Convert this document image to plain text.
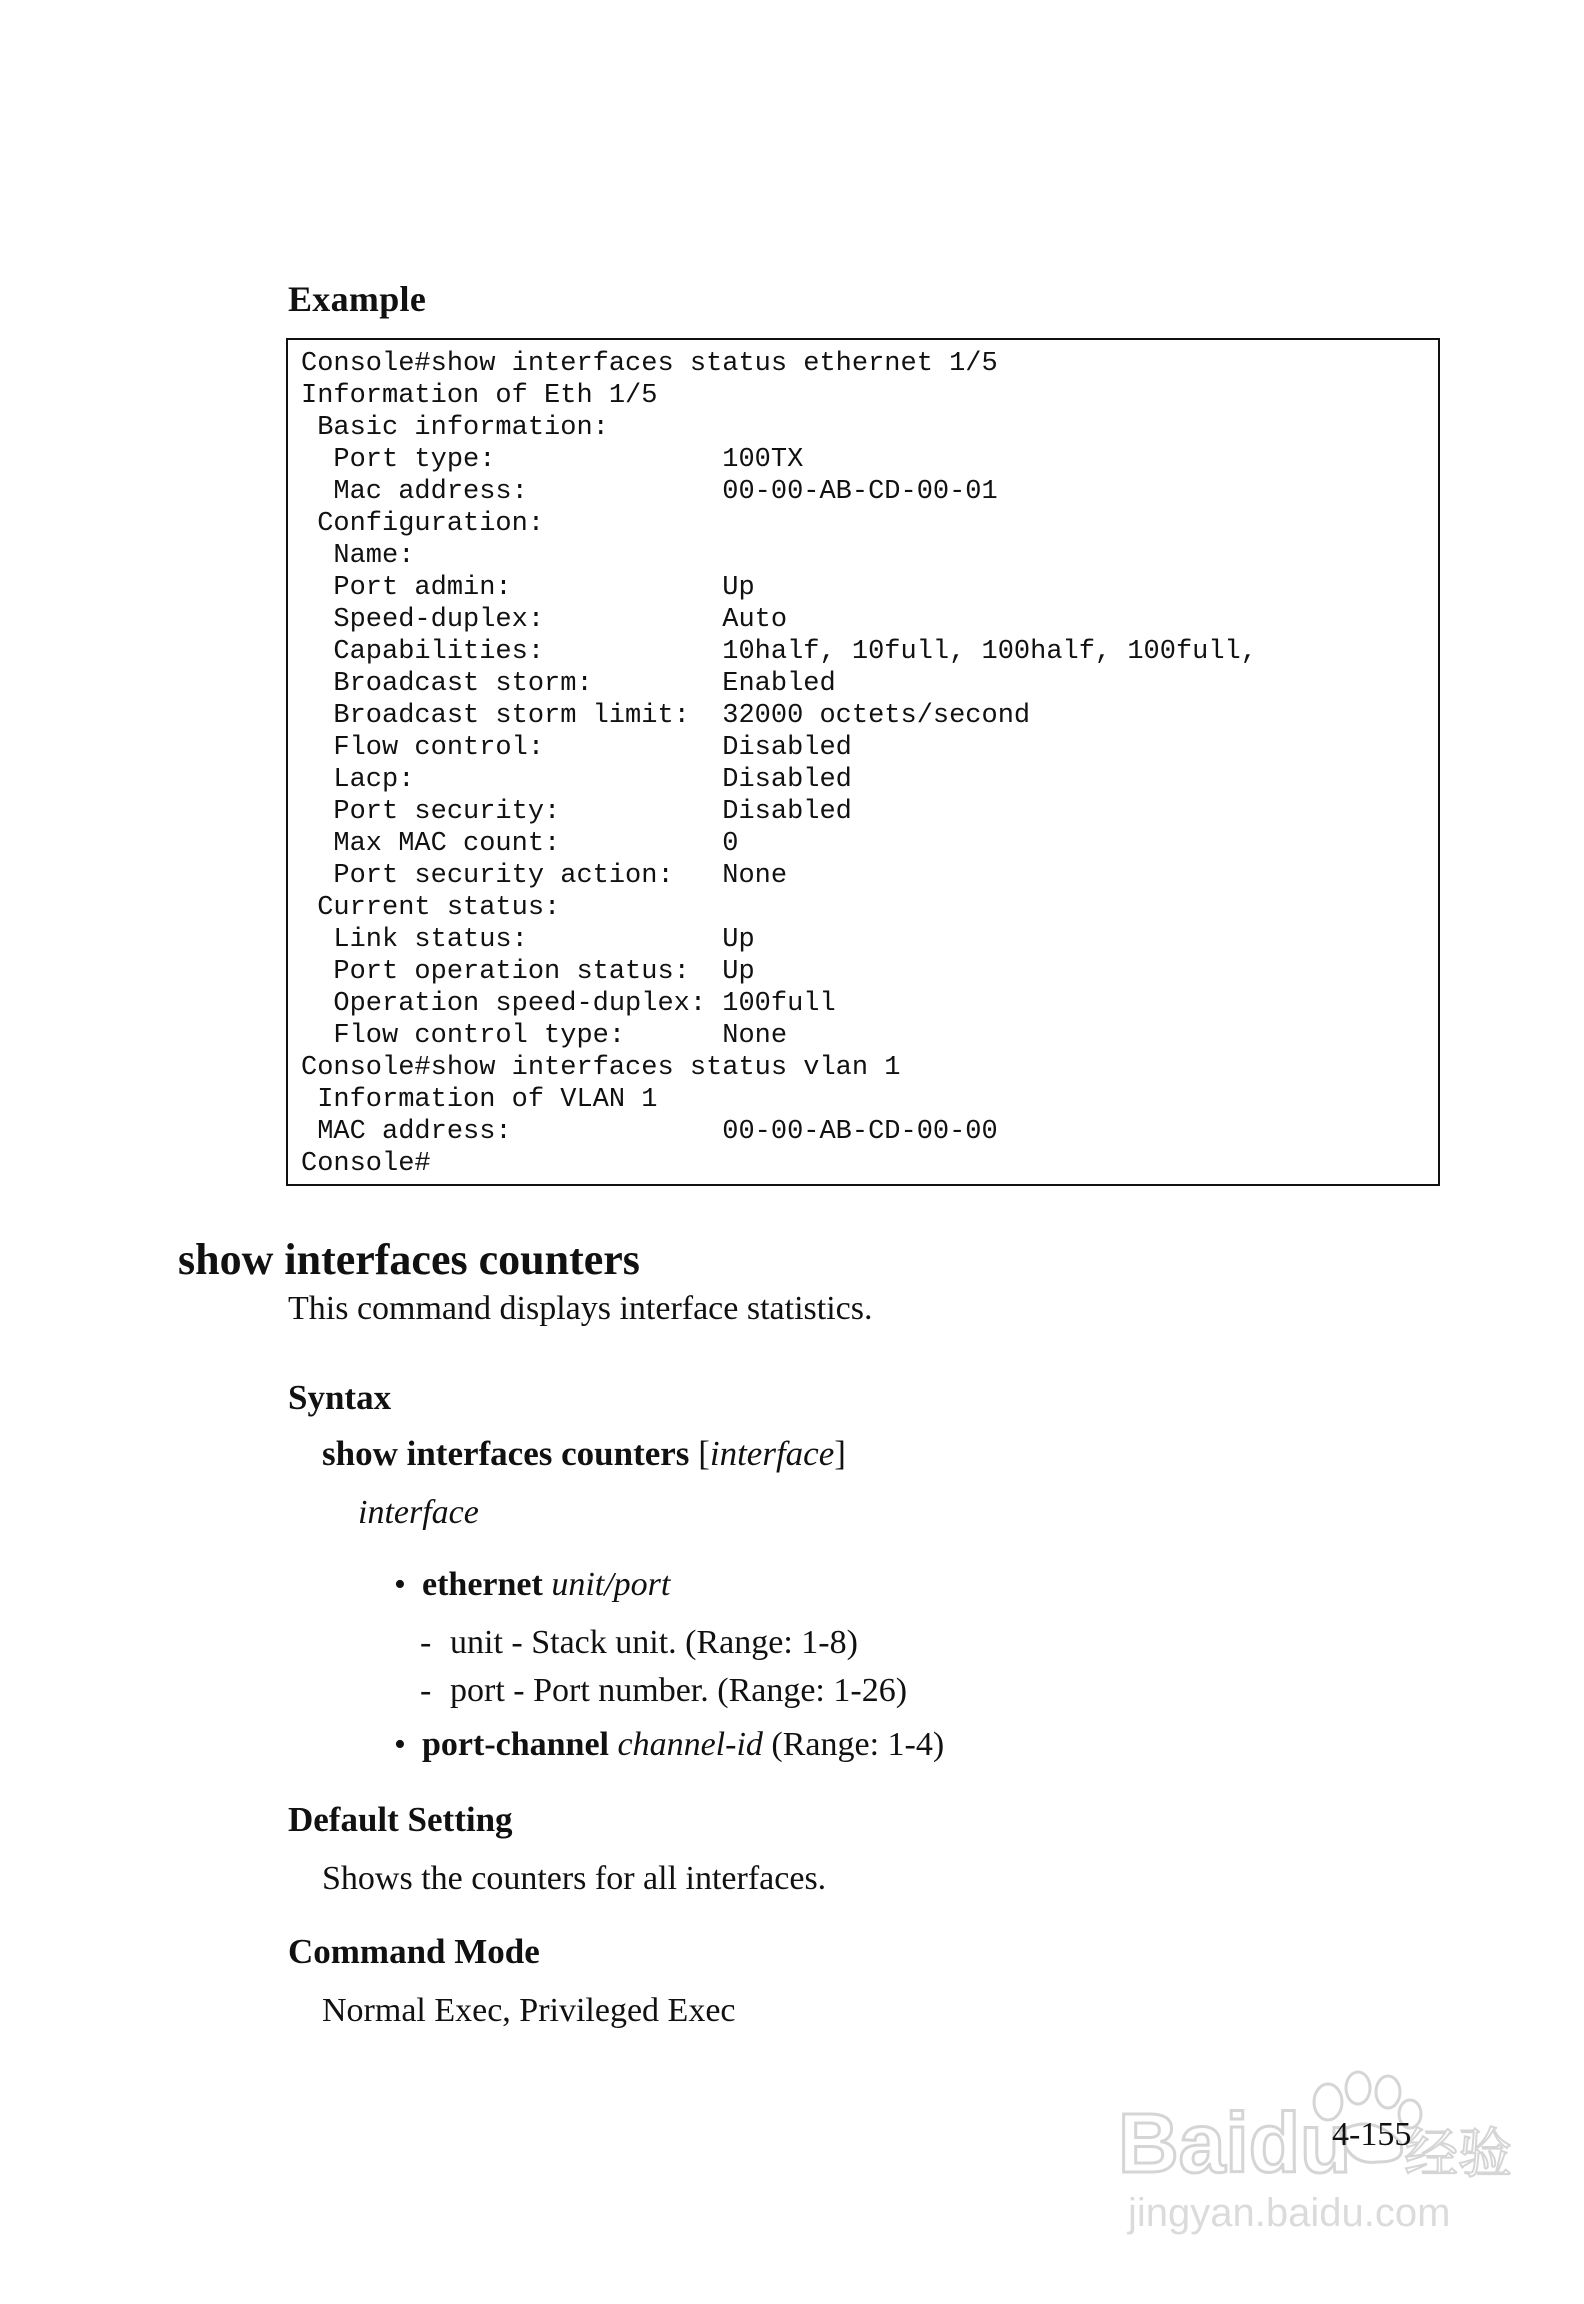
Example
Console#show interfaces status ethernet 1/5
Information of Eth 1/5
Basic information:
Port type:              100TX
Mac address:            00-00-AB-CD-00-01
Configuration:
Name:
Port admin:             Up
Speed-duplex:           Auto
Capabilities:           10half, 10full, 100half, 100full,
Broadcast storm:        Enabled
Broadcast storm limit:  32000 octets/second
Flow control:           Disabled
Lacp:                   Disabled
Port security:          Disabled
Max MAC count:          0
Port security action:   None
Current status:
Link status:            Up
Port operation status:  Up
Operation speed-duplex: 100full
Flow control type:      None
Console#show interfaces status vlan 1
Information of VLAN 1
MAC address:             00-00-AB-CD-00-00
Console#
show interfaces counters
This command displays interface statistics.
Syntax
show interfaces counters [interface]
interface
• ethernet unit/port
- unit - Stack unit. (Range: 1-8)
- port - Port number. (Range: 1-26)
• port-channel channel-id (Range: 1-4)
Default Setting
Shows the counters for all interfaces.
Command Mode
Normal Exec, Privileged Exec
Baidu 经验
jingyan.baidu.com
4-155
